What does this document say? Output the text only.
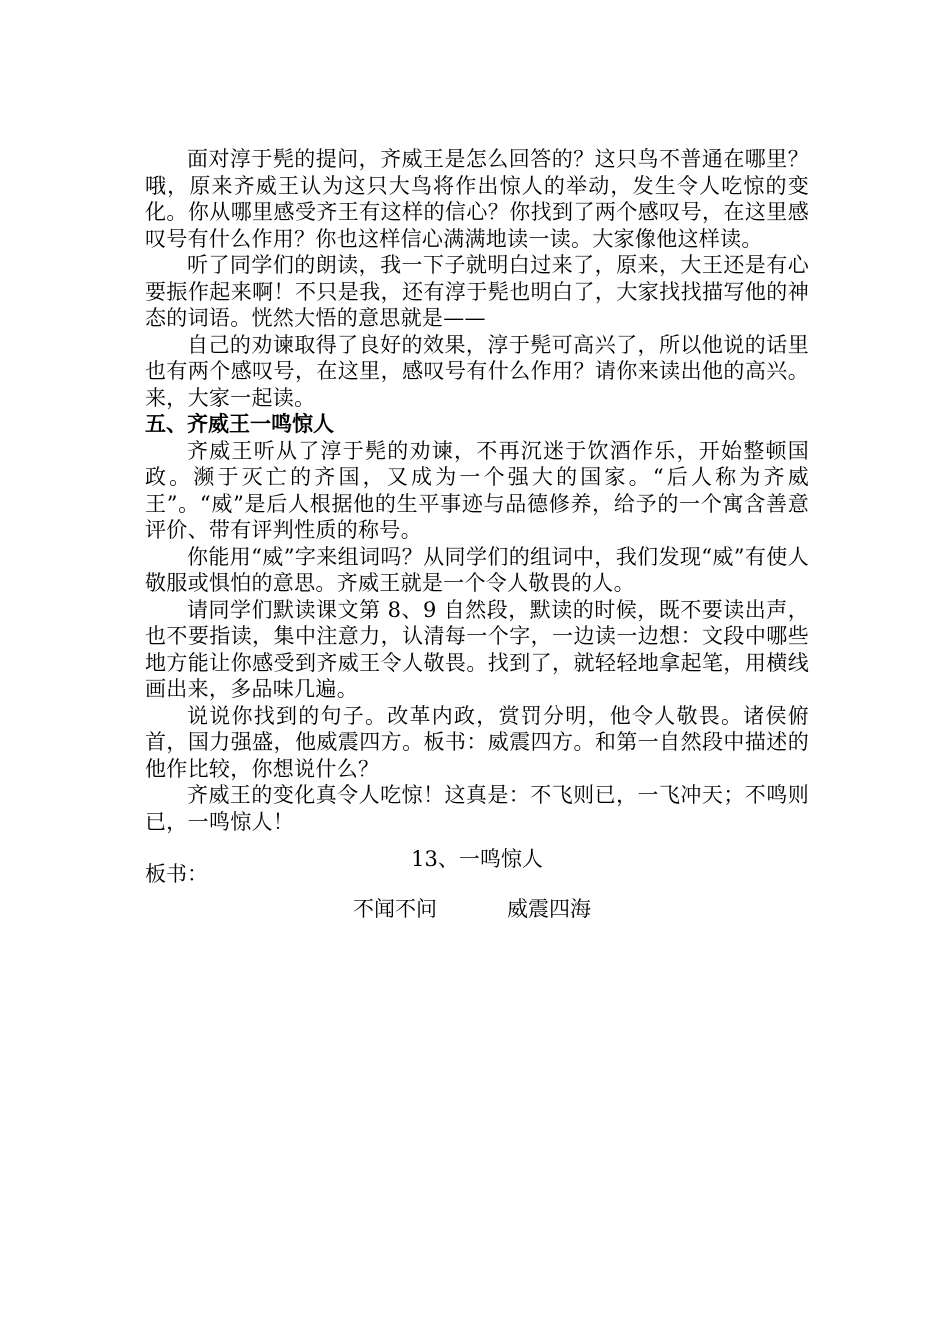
面对淳于髡的提问，齐威王是怎么回答的？这只鸟不普通在哪里？哦，原来齐威王认为这只大鸟将作出惊人的举动，发生令人吃惊的变化。你从哪里感受齐王有这样的信心？你找到了两个感叹号，在这里感叹号有什么作用？你也这样信心满满地读一读。大家像他这样读。

听了同学们的朗读，我一下子就明白过来了，原来，大王还是有心要振作起来啊！不只是我，还有淳于髡也明白了，大家找找描写他的神态的词语。恍然大悟的意思就是——

自己的劝谏取得了良好的效果，淳于髡可高兴了，所以他说的话里也有两个感叹号，在这里，感叹号有什么作用？请你来读出他的高兴。来，大家一起读。

五、齐威王一鸣惊人

齐威王听从了淳于髡的劝谏，不再沉迷于饮酒作乐，开始整顿国政。濒于灭亡的齐国，又成为一个强大的国家。“后人称为齐威王”。“威”是后人根据他的生平事迹与品德修养，给予的一个寓含善意评价、带有评判性质的称号。

你能用“威”字来组词吗？从同学们的组词中，我们发现“威”有使人敬服或惧怕的意思。齐威王就是一个令人敬畏的人。

请同学们默读课文第 8、9 自然段，默读的时候，既不要读出声，也不要指读，集中注意力，认清每一个字，一边读一边想：文段中哪些地方能让你感受到齐威王令人敬畏。找到了，就轻轻地拿起笔，用横线画出来，多品味几遍。

说说你找到的句子。改革内政，赏罚分明，他令人敬畏。诸侯俯首，国力强盛，他威震四方。板书：威震四方。和第一自然段中描述的他作比较，你想说什么？

齐威王的变化真令人吃惊！这真是：不飞则已，一飞冲天；不鸣则已，一鸣惊人！

板书：

13、一鸣惊人

不闻不问	威震四海
